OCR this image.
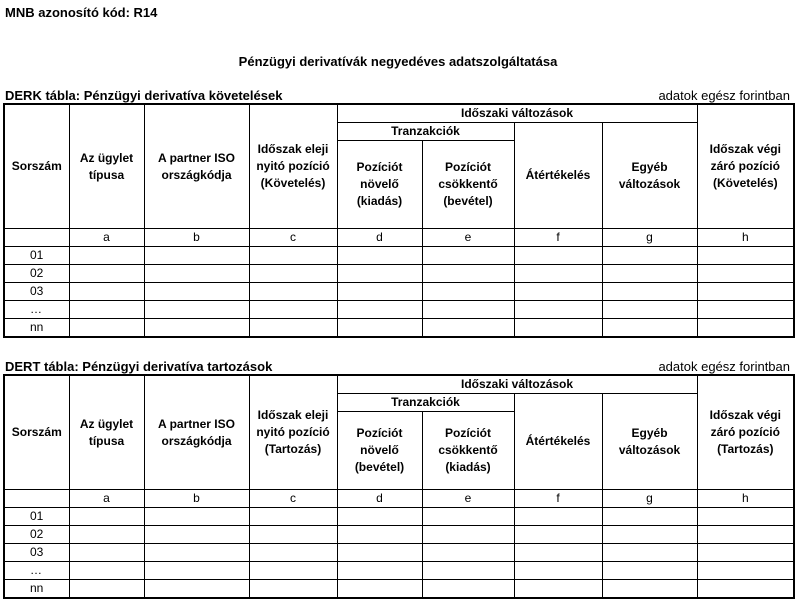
MNB azonosító kód: R14
Pénzügyi derivatívák negyedéves adatszolgáltatása
DERK tábla: Pénzügyi derivatíva követelések	adatok egész forintban
Sorszám	Az ügylet típusa	A partner ISO országkódja	Időszak eleji nyitó pozíció (Követelés)	Időszaki változások				Időszak végi záró pozíció (Követelés)
				Tranzakciók		Átértékelés	Egyéb változások	
				Pozíciót növelő (kiadás)	Pozíciót csökkentő (bevétel)			
	a	b	c	d	e	f	g	h
01								
02								
03								
…								
nn								
DERT tábla: Pénzügyi derivatíva tartozások	adatok egész forintban
Sorszám	Az ügylet típusa	A partner ISO országkódja	Időszak eleji nyitó pozíció (Tartozás)	Időszaki változások				Időszak végi záró pozíció (Tartozás)
				Tranzakciók		Átértékelés	Egyéb változások	
				Pozíciót növelő (bevétel)	Pozíciót csökkentő (kiadás)			
	a	b	c	d	e	f	g	h
01								
02								
03								
…								
nn								
